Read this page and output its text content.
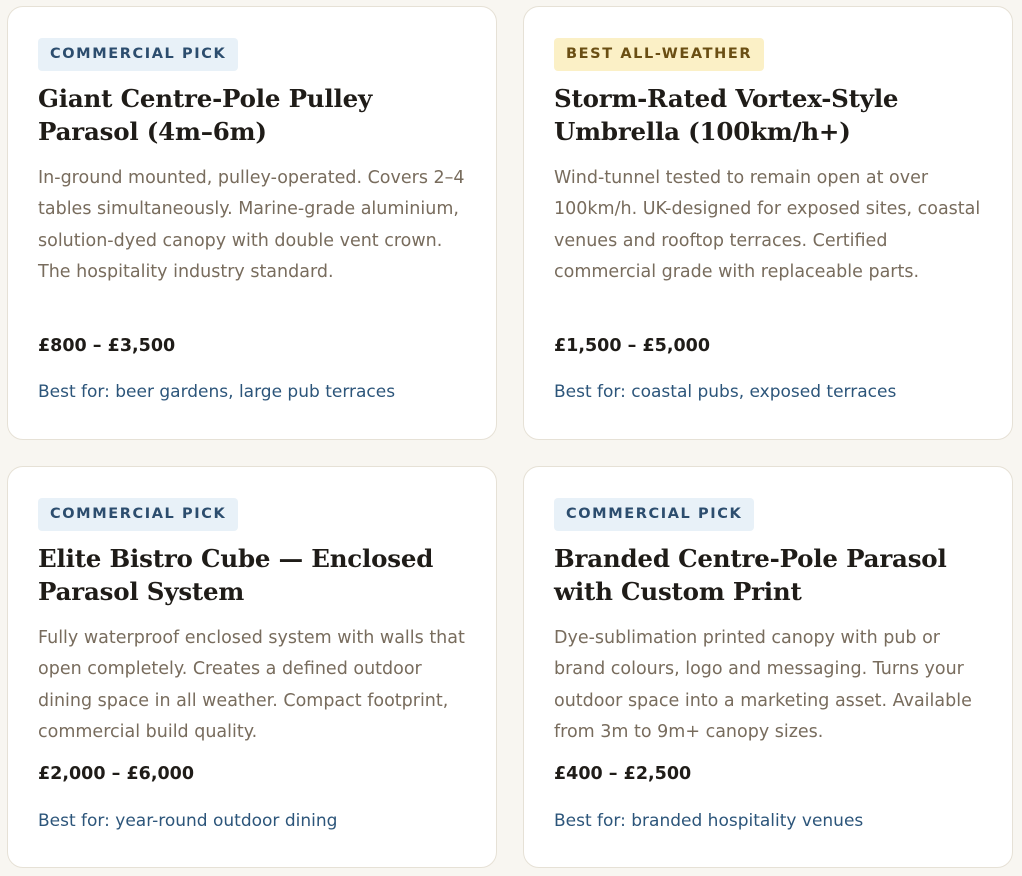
COMMERCIAL PICK
Giant Centre-Pole Pulley Parasol (4m–6m)
In-ground mounted, pulley-operated. Covers 2–4 tables simultaneously. Marine-grade aluminium, solution-dyed canopy with double vent crown. The hospitality industry standard.
£800 – £3,500
Best for: beer gardens, large pub terraces
BEST ALL-WEATHER
Storm-Rated Vortex-Style Umbrella (100km/h+)
Wind-tunnel tested to remain open at over 100km/h. UK-designed for exposed sites, coastal venues and rooftop terraces. Certified commercial grade with replaceable parts.
£1,500 – £5,000
Best for: coastal pubs, exposed terraces
COMMERCIAL PICK
Elite Bistro Cube — Enclosed Parasol System
Fully waterproof enclosed system with walls that open completely. Creates a defined outdoor dining space in all weather. Compact footprint, commercial build quality.
£2,000 – £6,000
Best for: year-round outdoor dining
COMMERCIAL PICK
Branded Centre-Pole Parasol with Custom Print
Dye-sublimation printed canopy with pub or brand colours, logo and messaging. Turns your outdoor space into a marketing asset. Available from 3m to 9m+ canopy sizes.
£400 – £2,500
Best for: branded hospitality venues
